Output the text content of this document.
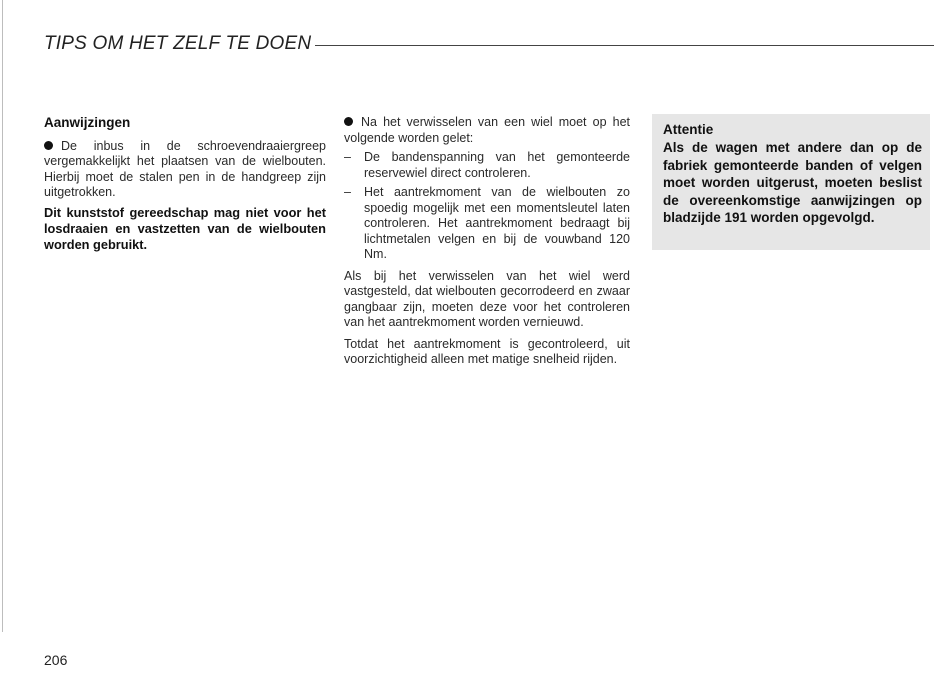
TIPS OM HET ZELF TE DOEN
Aanwijzingen

De inbus in de schroevendraaiergreep vergemakkelijkt het plaatsen van de wielbouten. Hierbij moet de stalen pen in de handgreep zijn uitgetrokken.

Dit kunststof gereedschap mag niet voor het losdraaien en vastzetten van de wielbouten worden gebruikt.

Na het verwisselen van een wiel moet op het volgende worden gelet:

–	De bandenspanning van het gemonteerde reservewiel direct controleren.
–	Het aantrekmoment van de wielbouten zo spoedig mogelijk met een momentsleutel laten controleren. Het aantrekmoment bedraagt bij lichtmetalen velgen en bij de vouwband 120 Nm.

Als bij het verwisselen van het wiel werd vastgesteld, dat wielbouten gecorrodeerd en zwaar gangbaar zijn, moeten deze voor het controleren van het aantrekmoment worden vernieuwd.

Totdat het aantrekmoment is gecontroleerd, uit voorzichtigheid alleen met matige snelheid rijden.

Attentie
Als de wagen met andere dan op de fabriek gemonteerde banden of velgen moet worden uitgerust, moeten beslist de overeenkomstige aanwijzingen op bladzijde 191 worden opgevolgd.
206
